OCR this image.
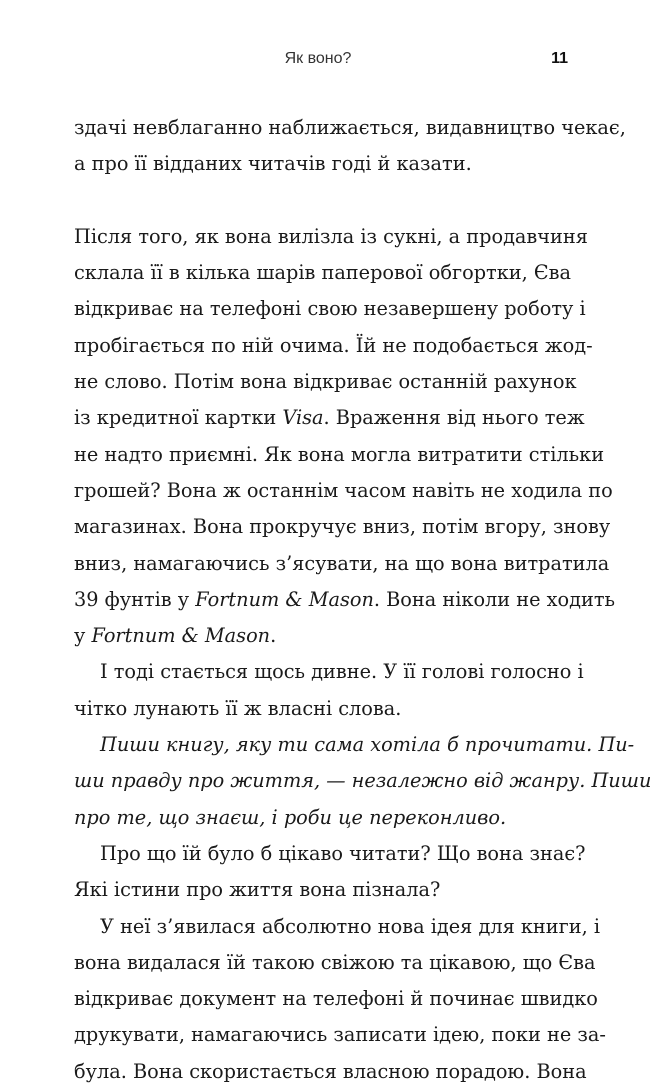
Як воно?	11
здачі невблаганно наближається, видавництво чекає,
а про її відданих читачів годі й казати.
Після того, як вона вилізла із сукні, а продавчиня
склала її в кілька шарів паперової обгортки, Єва
відкриває на телефоні свою незавершену роботу і
пробігається по ній очима. Їй не подобається жод-
не слово. Потім вона відкриває останній рахунок
із кредитної картки Visa. Враження від нього теж
не надто приємні. Як вона могла витратити стільки
грошей? Вона ж останнім часом навіть не ходила по
магазинах. Вона прокручує вниз, потім вгору, знову
вниз, намагаючись з’ясувати, на що вона витратила
39 фунтів у Fortnum & Mason. Вона ніколи не ходить
у Fortnum & Mason.
І тоді стається щось дивне. У її голові голосно і
чітко лунають її ж власні слова.
Пиши книгу, яку ти сама хотіла б прочитати. Пи-
ши правду про життя, — незалежно від жанру. Пиши
про те, що знаєш, і роби це переконливо.
Про що їй було б цікаво читати? Що вона знає?
Які істини про життя вона пізнала?
У неї з’явилася абсолютно нова ідея для книги, і
вона видалася їй такою свіжою та цікавою, що Єва
відкриває документ на телефоні й починає швидко
друкувати, намагаючись записати ідею, поки не за-
була. Вона скористається власною порадою. Вона
